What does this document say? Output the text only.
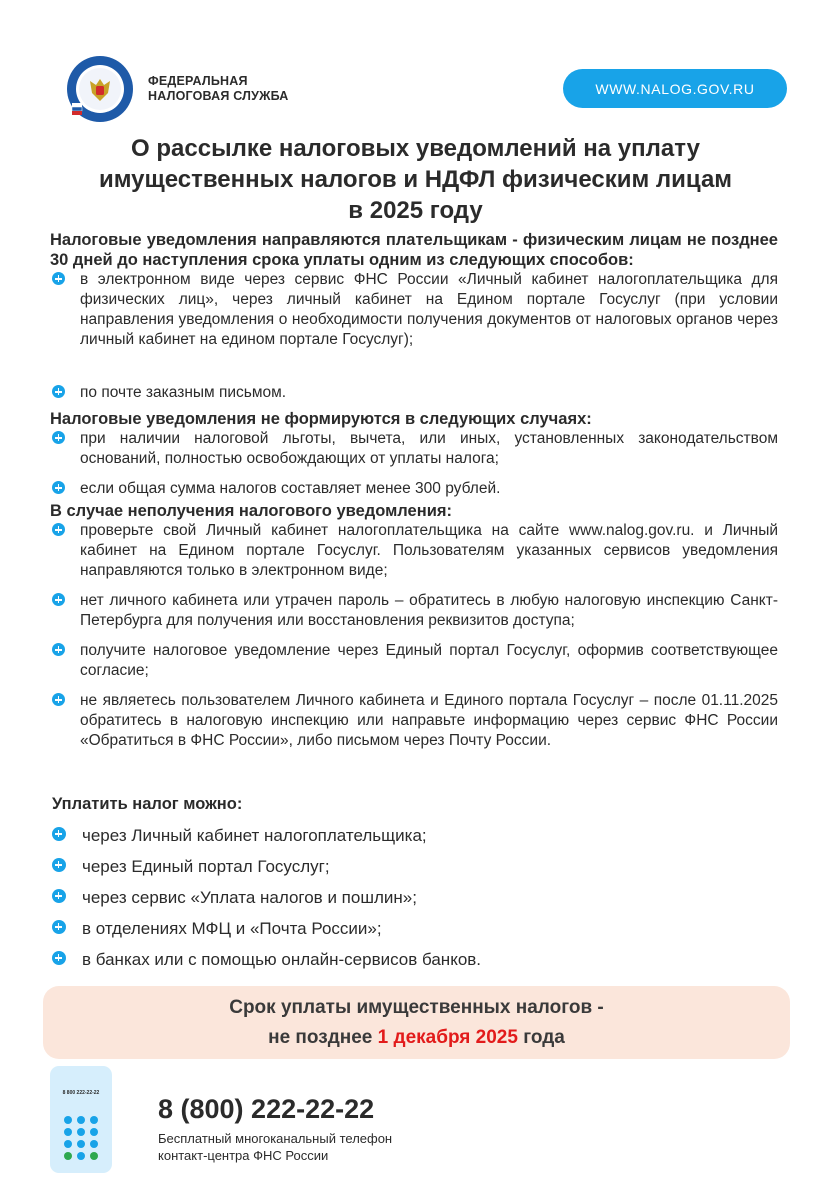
ФЕДЕРАЛЬНАЯ
НАЛОГОВАЯ СЛУЖБА	WWW.NALOG.GOV.RU
О рассылке налоговых уведомлений на уплату
имущественных налогов и НДФЛ физическим лицам
в 2025 году

Налоговые уведомления направляются плательщикам - физическим лицам не позднее 30 дней до наступления срока уплаты одним из следующих способов:

в электронном виде через сервис ФНС России «Личный кабинет налогоплательщика для физических лиц», через личный кабинет на Едином портале Госуслуг (при условии направления уведомления о необходимости получения документов от налоговых органов через личный кабинет на едином портале Госуслуг);
по почте заказным письмом.

Налоговые уведомления не формируются в следующих случаях:

при наличии налоговой льготы, вычета, или иных, установленных законодательством оснований, полностью освобождающих от уплаты налога;
если общая сумма налогов составляет менее 300 рублей.

В случае неполучения налогового уведомления:

проверьте свой Личный кабинет налогоплательщика на сайте www.nalog.gov.ru. и Личный кабинет на Едином портале Госуслуг. Пользователям указанных сервисов уведомления направляются только в электронном виде;
нет личного кабинета или утрачен пароль – обратитесь в любую налоговую инспекцию Санкт-Петербурга для получения или восстановления реквизитов доступа;
получите налоговое уведомление через Единый портал Госуслуг, оформив соответствующее согласие;
не являетесь пользователем Личного кабинета и Единого портала Госуслуг – после 01.11.2025 обратитесь в налоговую инспекцию или направьте информацию через сервис ФНС России «Обратиться в ФНС России», либо письмом через Почту России.

Уплатить налог можно:

через Личный кабинет налогоплательщика;
через Единый портал Госуслуг;
через сервис «Уплата налогов и пошлин»;
в отделениях МФЦ и «Почта России»;
в банках или с помощью онлайн-сервисов банков.
Срок уплаты имущественных налогов -
не позднее 1 декабря 2025 года
8 800 222-22-22
8 (800) 222-22-22
Бесплатный многоканальный телефон
контакт-центра ФНС России
